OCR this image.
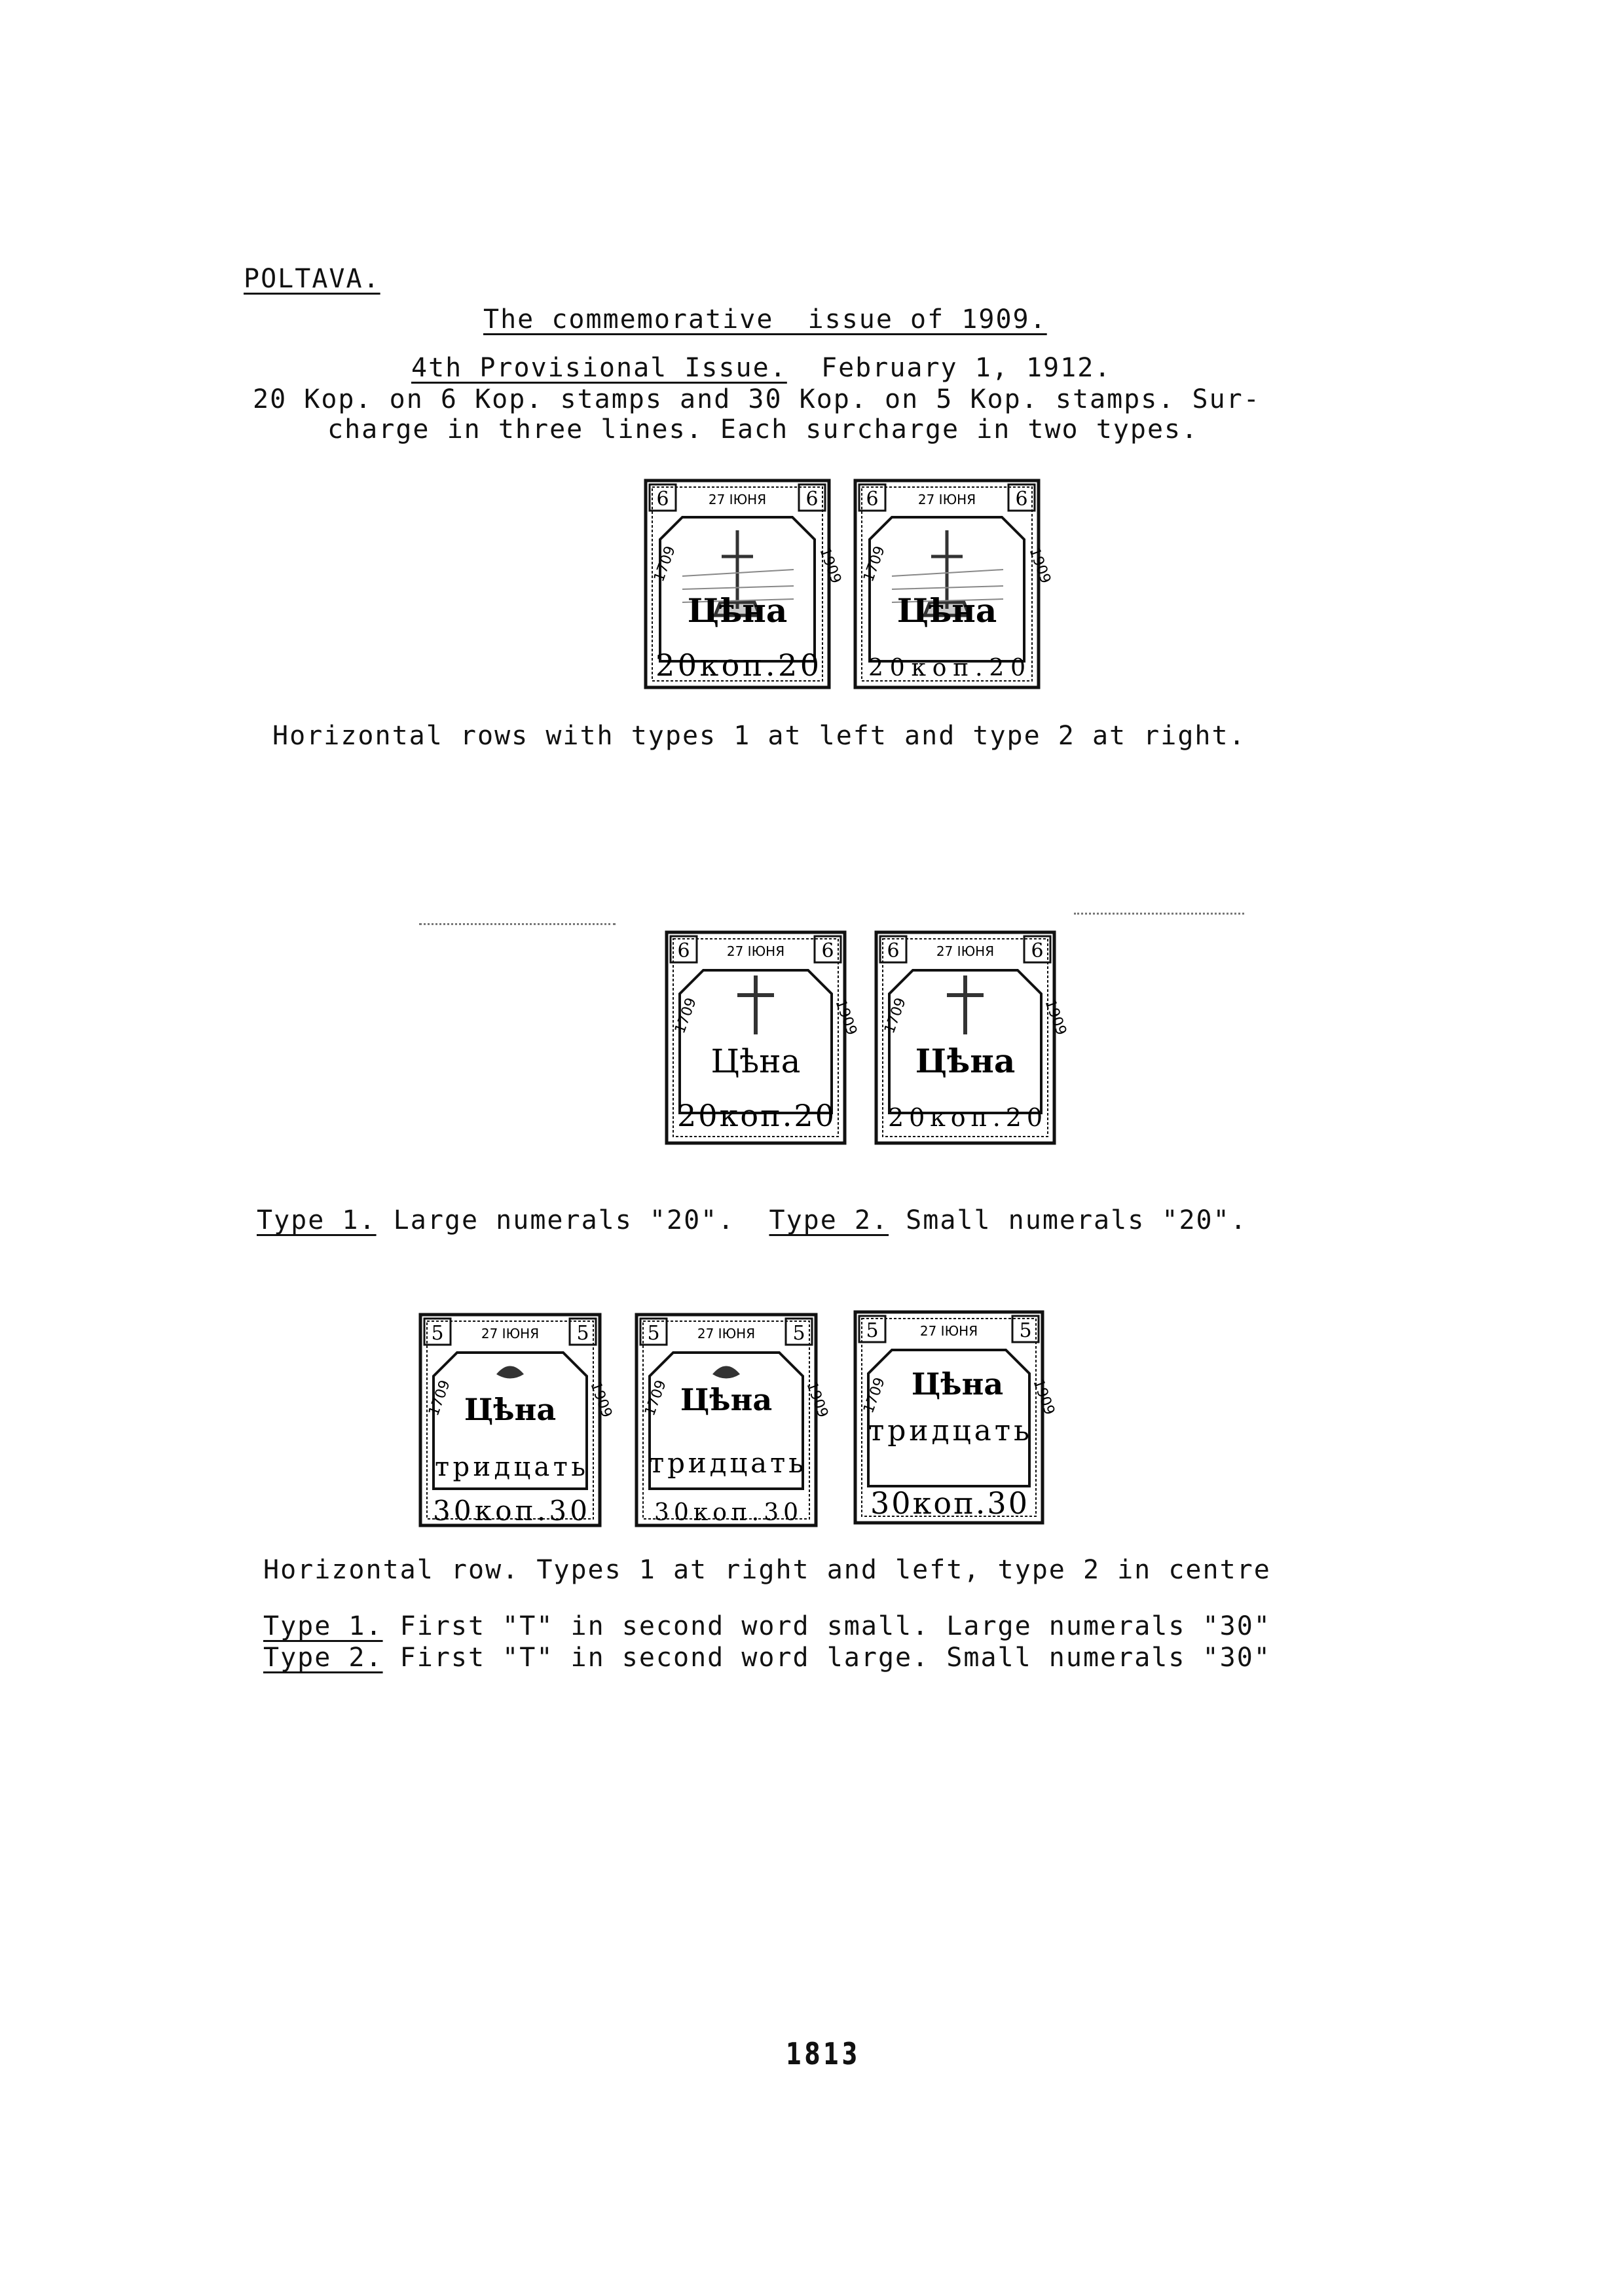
POLTAVA.
The commemorative  issue of 1909.
4th Provisional Issue. February 1, 1912.
20 Kop. on 6 Kop. stamps and 30 Kop. on 5 Kop. stamps. Sur-
charge in three lines. Each surcharge in two types.
6	6
27 ІЮНЯ
1709	1909
Цѣна
20коп.20
6	6
27 ІЮНЯ
1709	1909
Цѣна
20коп.20
Horizontal rows with types 1 at left and type 2 at right.
6	6
27 ІЮНЯ
1709	1909
Цѣна
20коп.20
6	6
27 ІЮНЯ
1709	1909
Цѣна
20коп.20
Type 1. Large numerals "20". Type 2. Small numerals "20".
5	5
27 ІЮНЯ
1709	1909
Цѣна
тридцать
30коп.30
5	5
27 ІЮНЯ
1709	1909
Цѣна
тридцать
30коп.30
5	5
27 ІЮНЯ
1709	1909
Цѣна
тридцать
30коп.30
Horizontal row. Types 1 at right and left, type 2 in centre
Type 1. First "T" in second word small. Large numerals "30"
Type 2. First "T" in second word large. Small numerals "30"
1813
